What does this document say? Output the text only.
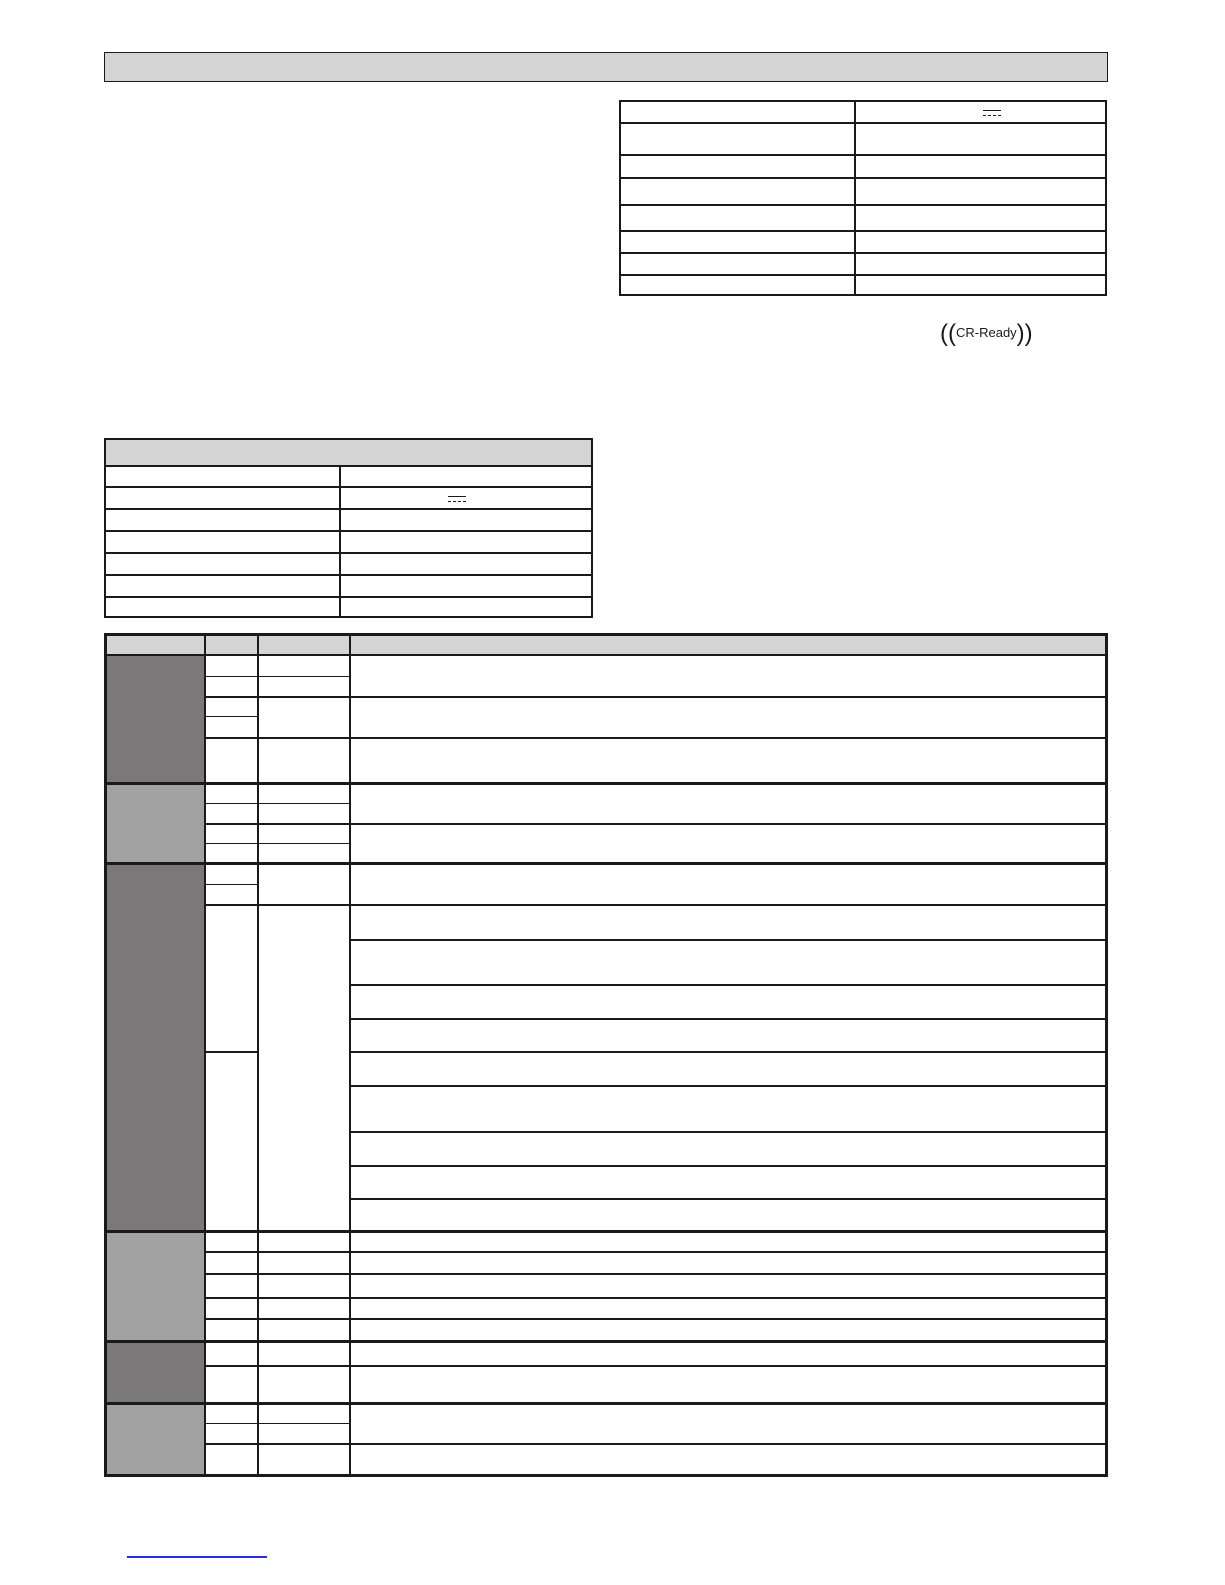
((CR-Ready))
